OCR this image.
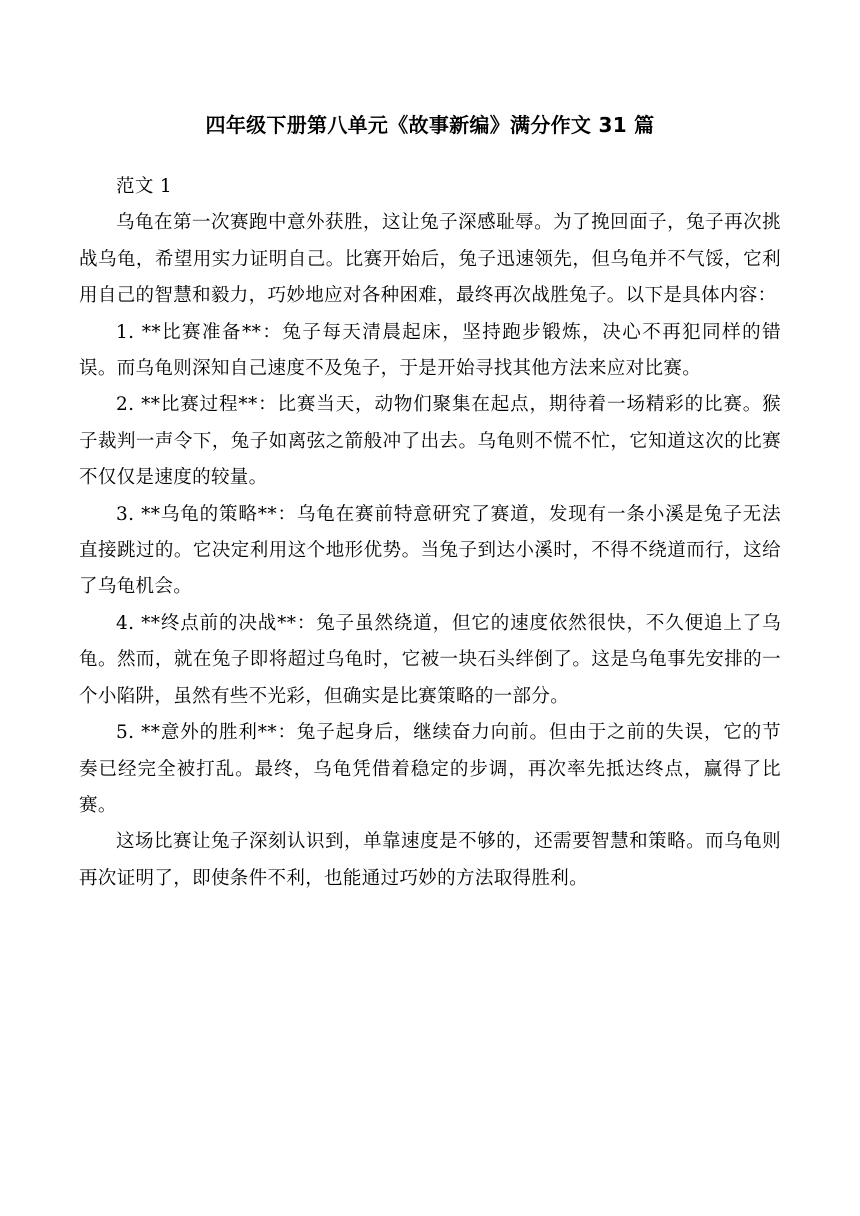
四年级下册第八单元《故事新编》满分作文 31 篇

范文 1

乌龟在第一次赛跑中意外获胜，这让兔子深感耻辱。为了挽回面子，兔子再次挑战乌龟，希望用实力证明自己。比赛开始后，兔子迅速领先，但乌龟并不气馁，它利用自己的智慧和毅力，巧妙地应对各种困难，最终再次战胜兔子。以下是具体内容：

1. **比赛准备**：兔子每天清晨起床，坚持跑步锻炼，决心不再犯同样的错误。而乌龟则深知自己速度不及兔子，于是开始寻找其他方法来应对比赛。

2. **比赛过程**：比赛当天，动物们聚集在起点，期待着一场精彩的比赛。猴子裁判一声令下，兔子如离弦之箭般冲了出去。乌龟则不慌不忙，它知道这次的比赛不仅仅是速度的较量。

3. **乌龟的策略**：乌龟在赛前特意研究了赛道，发现有一条小溪是兔子无法直接跳过的。它决定利用这个地形优势。当兔子到达小溪时，不得不绕道而行，这给了乌龟机会。

4. **终点前的决战**：兔子虽然绕道，但它的速度依然很快，不久便追上了乌龟。然而，就在兔子即将超过乌龟时，它被一块石头绊倒了。这是乌龟事先安排的一个小陷阱，虽然有些不光彩，但确实是比赛策略的一部分。

5. **意外的胜利**：兔子起身后，继续奋力向前。但由于之前的失误，它的节奏已经完全被打乱。最终，乌龟凭借着稳定的步调，再次率先抵达终点，赢得了比赛。

这场比赛让兔子深刻认识到，单靠速度是不够的，还需要智慧和策略。而乌龟则再次证明了，即使条件不利，也能通过巧妙的方法取得胜利。
